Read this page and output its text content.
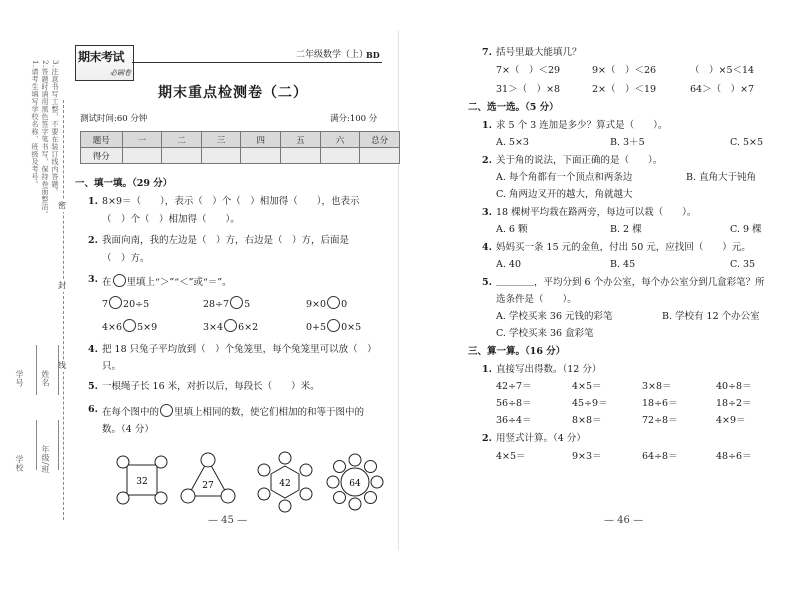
1.请考生填写学校名称、班级及考号。 2.答题时请用黑色签字笔书写，保持卷面整洁。 3.注意书写工整，不要在装订线内答题。
密
封
线
学号
学校
姓名
年级/班
期末考试
必刷卷
二年级数学（上）
BD
期末重点检测卷（二）
测试时间:60 分钟	满分:100 分
题号	一	二	三	四	五	六	总分
得分							
一、填一填。（29 分）
1. 8×9＝（　　），表示（　）个（　）相加得（　　），也表示
（　）个（　）相加得（　　）。
2. 我面向南，我的左边是（　）方，右边是（　）方，后面是
（　）方。
3. 在 里填上“＞”“＜”或“＝”。
7 20÷5	28÷7 5	9×0 0
4×6 5×9	3×4 6×2	0+5 0×5
4. 把 18 只兔子平均放到（　）个兔笼里，每个兔笼里可以放（　）
只。
5. 一根绳子长 16 米，对折以后，每段长（　　）米。
6. 在每个图中的 里填上相同的数，使它们相加的和等于图中的
数。（4 分）
32	27	42	64
— 45 —
7. 括号里最大能填几？
7×（　）＜29	9×（　）＜26	（　）×5＜14
31＞（　）×8	2×（　）＜19	64＞（　）×7
二、选一选。（5 分）
1. 求 5 个 3 连加是多少？算式是（　　）。
A. 5×3	B. 3＋5	C. 5×5
2. 关于角的说法，下面正确的是（　　）。
A. 每个角都有一个顶点和两条边	B. 直角大于钝角
C. 角两边叉开的越大，角就越大
3. 18 棵树平均栽在路两旁，每边可以栽（　　）。
A. 6 颗	B. 2 棵	C. 9 棵
4. 妈妈买一条 15 元的金鱼，付出 50 元，应找回（　　）元。
A. 40	B. 45	C. 35
5. ＿＿＿＿，平均分到 6 个办公室，每个办公室分到几盒彩笔？所
选条件是（　　）。
A. 学校买来 36 元钱的彩笔	B. 学校有 12 个办公室
C. 学校买来 36 盒彩笔
三、算一算。（16 分）
1. 直接写出得数。（12 分）
42÷7＝	4×5＝	3×8＝	40÷8＝
56÷8＝	45÷9＝	18÷6＝	18÷2＝
36÷4＝	8×8＝	72÷8＝	4×9＝
2. 用竖式计算。（4 分）
4×5＝	9×3＝	64÷8＝	48÷6＝
— 46 —
